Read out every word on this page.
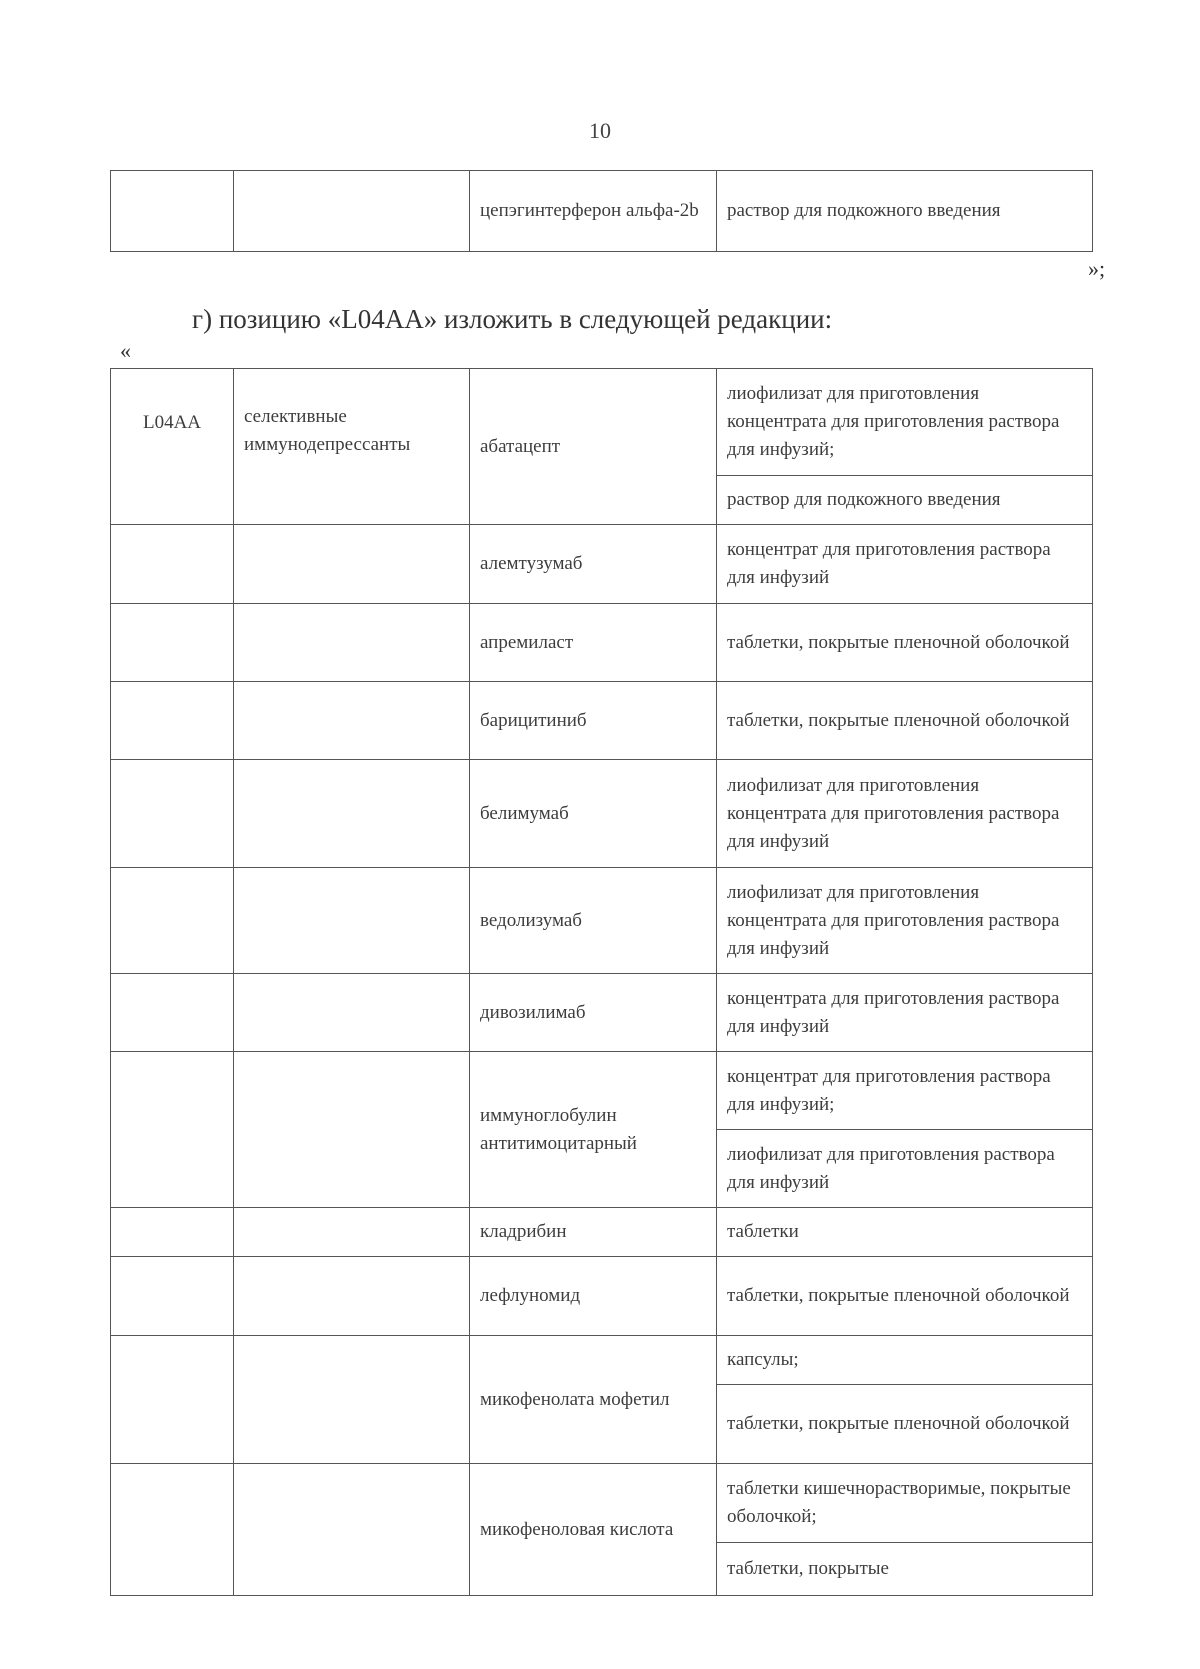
10
		цепэгинтерферон альфа-2b	раствор для подкожного введения
»;
г) позицию «L04AA» изложить в следующей редакции:
«
L04AA	селективные иммунодепрессанты	абатацепт	лиофилизат для приготовления концентрата для приготовления раствора для инфузий;
			раствор для подкожного введения
		алемтузумаб	концентрат для приготовления раствора для инфузий
		апремиласт	таблетки, покрытые пленочной оболочкой
		барицитиниб	таблетки, покрытые пленочной оболочкой
		белимумаб	лиофилизат для приготовления концентрата для приготовления раствора для инфузий
		ведолизумаб	лиофилизат для приготовления концентрата для приготовления раствора для инфузий
		дивозилимаб	концентрата для приготовления раствора для инфузий
		иммуноглобулин антитимоцитарный	концентрат для приготовления раствора для инфузий;
			лиофилизат для приготовления раствора для инфузий
		кладрибин	таблетки
		лефлуномид	таблетки, покрытые пленочной оболочкой
		микофенолата мофетил	капсулы;
			таблетки, покрытые пленочной оболочкой
		микофеноловая кислота	таблетки кишечнорастворимые, покрытые оболочкой;
			таблетки, покрытые
